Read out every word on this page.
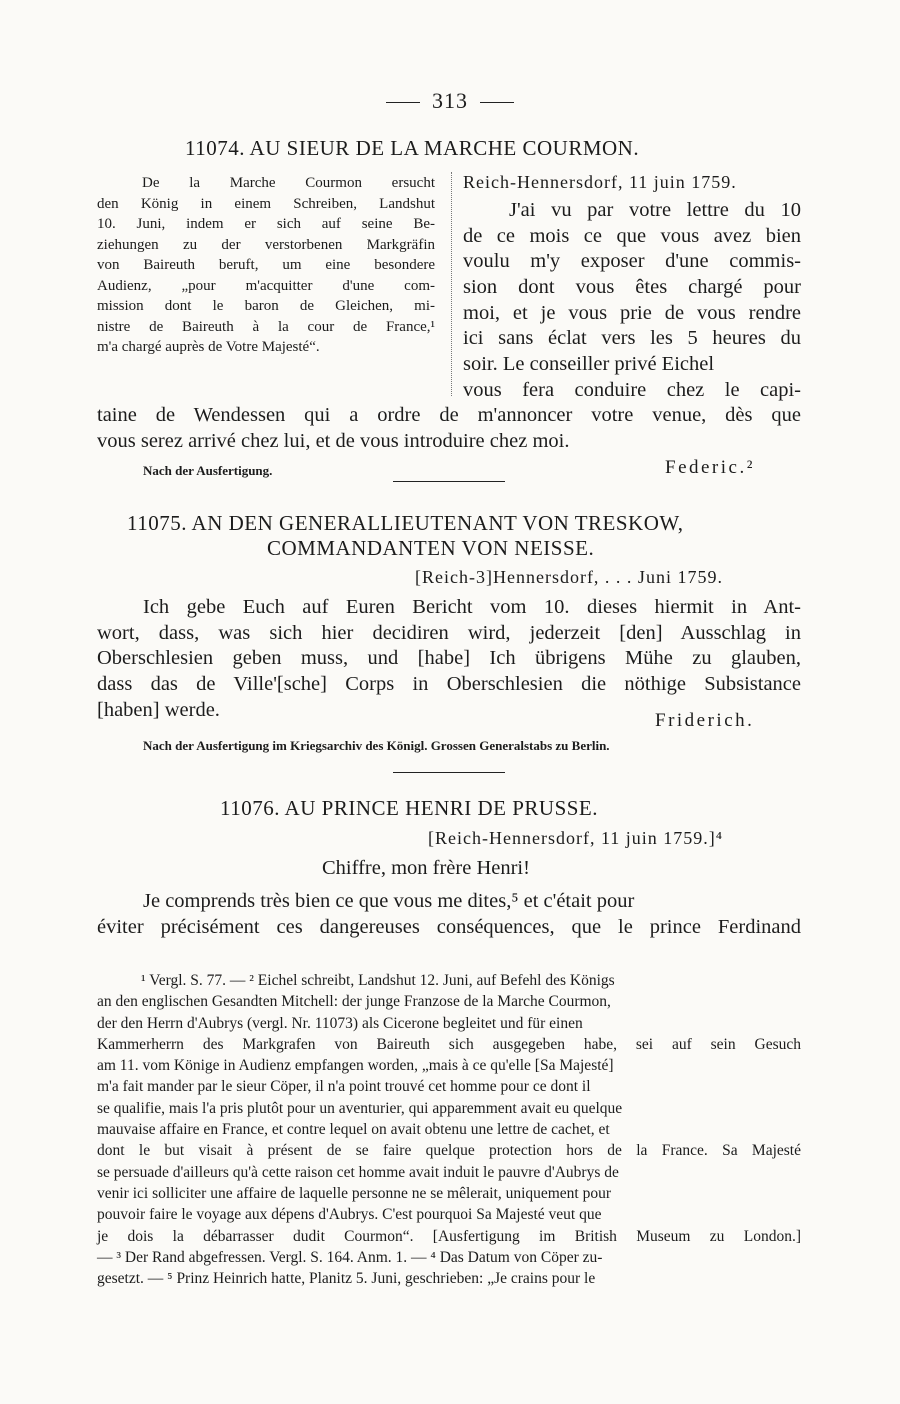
313
11074. AU SIEUR DE LA MARCHE COURMON.
De la Marche Courmon ersucht
den König in einem Schreiben, Landshut
10. Juni, indem er sich auf seine Be-
ziehungen zu der verstorbenen Markgräfin
von Baireuth beruft, um eine besondere
Audienz, „pour m'acquitter d'une com-
mission dont le baron de Gleichen, mi-
nistre de Baireuth à la cour de France,¹
m'a chargé auprès de Votre Majesté“.
Reich-Hennersdorf, 11 juin 1759.
J'ai vu par votre lettre du 10
de ce mois ce que vous avez bien
voulu m'y exposer d'une commis-
sion dont vous êtes chargé pour
moi, et je vous prie de vous rendre
ici sans éclat vers les 5 heures du
soir. Le conseiller privé Eichel
vous fera conduire chez le capi-
taine de Wendessen qui a ordre de m'annoncer votre venue, dès que
vous serez arrivé chez lui, et de vous introduire chez moi.
Nach der Ausfertigung.	Federic.²
11075. AN DEN GENERALLIEUTENANT VON TRESKOW,
COMMANDANTEN VON NEISSE.
[Reich-3]Hennersdorf, . . . Juni 1759.
Ich gebe Euch auf Euren Bericht vom 10. dieses hiermit in Ant-
wort, dass, was sich hier decidiren wird, jederzeit [den] Ausschlag in
Oberschlesien geben muss, und [habe] Ich übrigens Mühe zu glauben,
dass das de Ville'[sche] Corps in Oberschlesien die nöthige Subsistance
[haben] werde.	Friderich.
Nach der Ausfertigung im Kriegsarchiv des Königl. Grossen Generalstabs zu Berlin.
11076. AU PRINCE HENRI DE PRUSSE.
[Reich-Hennersdorf, 11 juin 1759.]⁴
Chiffre, mon frère Henri!
Je comprends très bien ce que vous me dites,⁵ et c'était pour
éviter précisément ces dangereuses conséquences, que le prince Ferdinand
¹ Vergl. S. 77. — ² Eichel schreibt, Landshut 12. Juni, auf Befehl des Königs
an den englischen Gesandten Mitchell: der junge Franzose de la Marche Courmon,
der den Herrn d'Aubrys (vergl. Nr. 11073) als Cicerone begleitet und für einen
Kammerherrn des Markgrafen von Baireuth sich ausgegeben habe, sei auf sein Gesuch
am 11. vom Könige in Audienz empfangen worden, „mais à ce qu'elle [Sa Majesté]
m'a fait mander par le sieur Cöper, il n'a point trouvé cet homme pour ce dont il
se qualifie, mais l'a pris plutôt pour un aventurier, qui apparemment avait eu quelque
mauvaise affaire en France, et contre lequel on avait obtenu une lettre de cachet, et
dont le but visait à présent de se faire quelque protection hors de la France. Sa Majesté
se persuade d'ailleurs qu'à cette raison cet homme avait induit le pauvre d'Aubrys de
venir ici solliciter une affaire de laquelle personne ne se mêlerait, uniquement pour
pouvoir faire le voyage aux dépens d'Aubrys. C'est pourquoi Sa Majesté veut que
je dois la débarrasser dudit Courmon“. [Ausfertigung im British Museum zu London.]
— ³ Der Rand abgefressen. Vergl. S. 164. Anm. 1. — ⁴ Das Datum von Cöper zu-
gesetzt. — ⁵ Prinz Heinrich hatte, Planitz 5. Juni, geschrieben: „Je crains pour le
